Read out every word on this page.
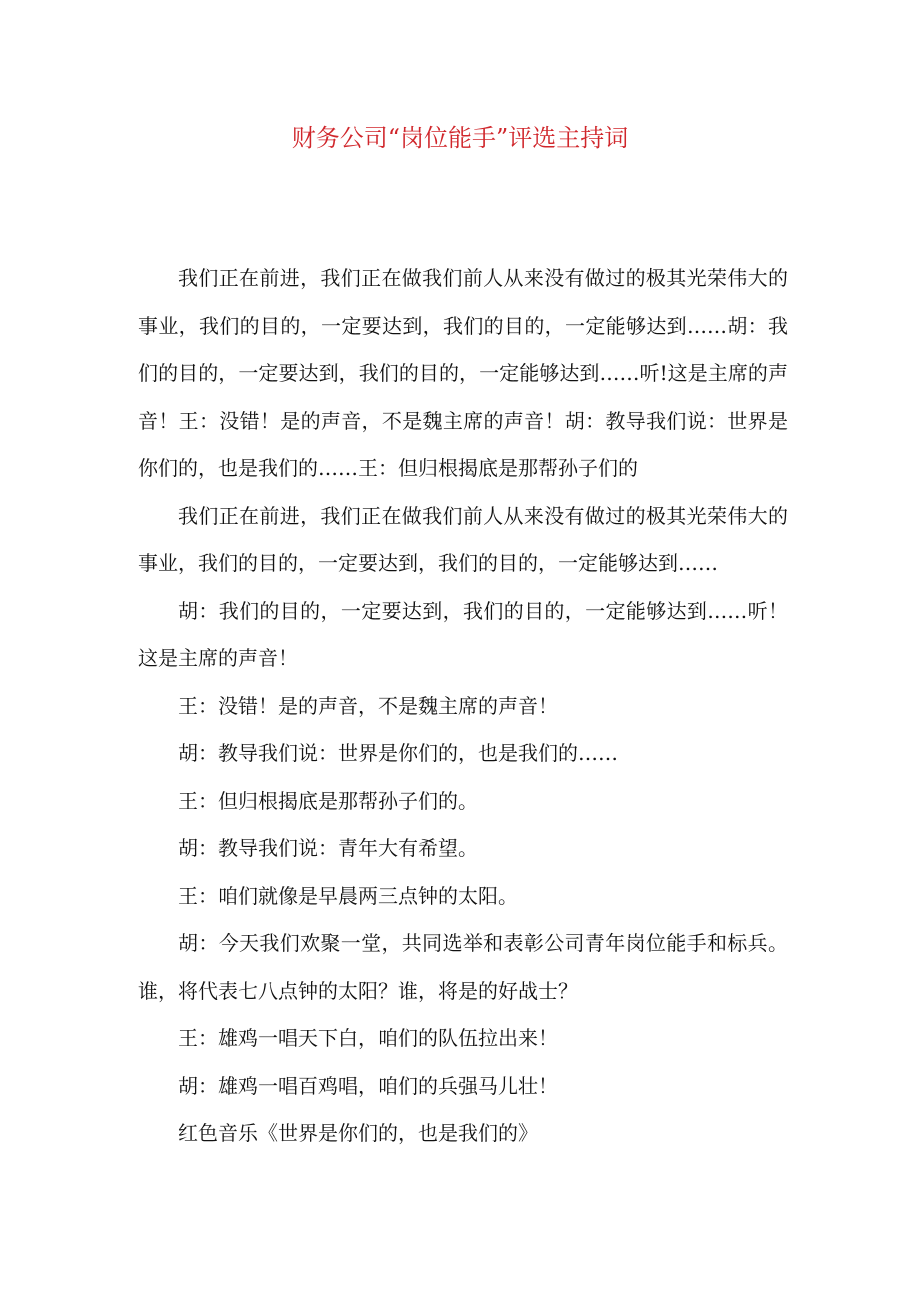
财务公司“岗位能手”评选主持词

我们正在前进，我们正在做我们前人从来没有做过的极其光荣伟大的事业，我们的目的，一定要达到，我们的目的，一定能够达到……胡：我们的目的，一定要达到，我们的目的，一定能够达到……听!这是主席的声音！王：没错！是的声音，不是魏主席的声音！胡：教导我们说：世界是你们的，也是我们的……王：但归根揭底是那帮孙子们的

我们正在前进，我们正在做我们前人从来没有做过的极其光荣伟大的事业，我们的目的，一定要达到，我们的目的，一定能够达到……

胡：我们的目的，一定要达到，我们的目的，一定能够达到……听！这是主席的声音！

王：没错！是的声音，不是魏主席的声音！

胡：教导我们说：世界是你们的，也是我们的……

王：但归根揭底是那帮孙子们的。

胡：教导我们说：青年大有希望。

王：咱们就像是早晨两三点钟的太阳。

胡：今天我们欢聚一堂，共同选举和表彰公司青年岗位能手和标兵。谁，将代表七八点钟的太阳？谁，将是的好战士？

王：雄鸡一唱天下白，咱们的队伍拉出来！

胡：雄鸡一唱百鸡唱，咱们的兵强马儿壮！

红色音乐《世界是你们的，也是我们的》
